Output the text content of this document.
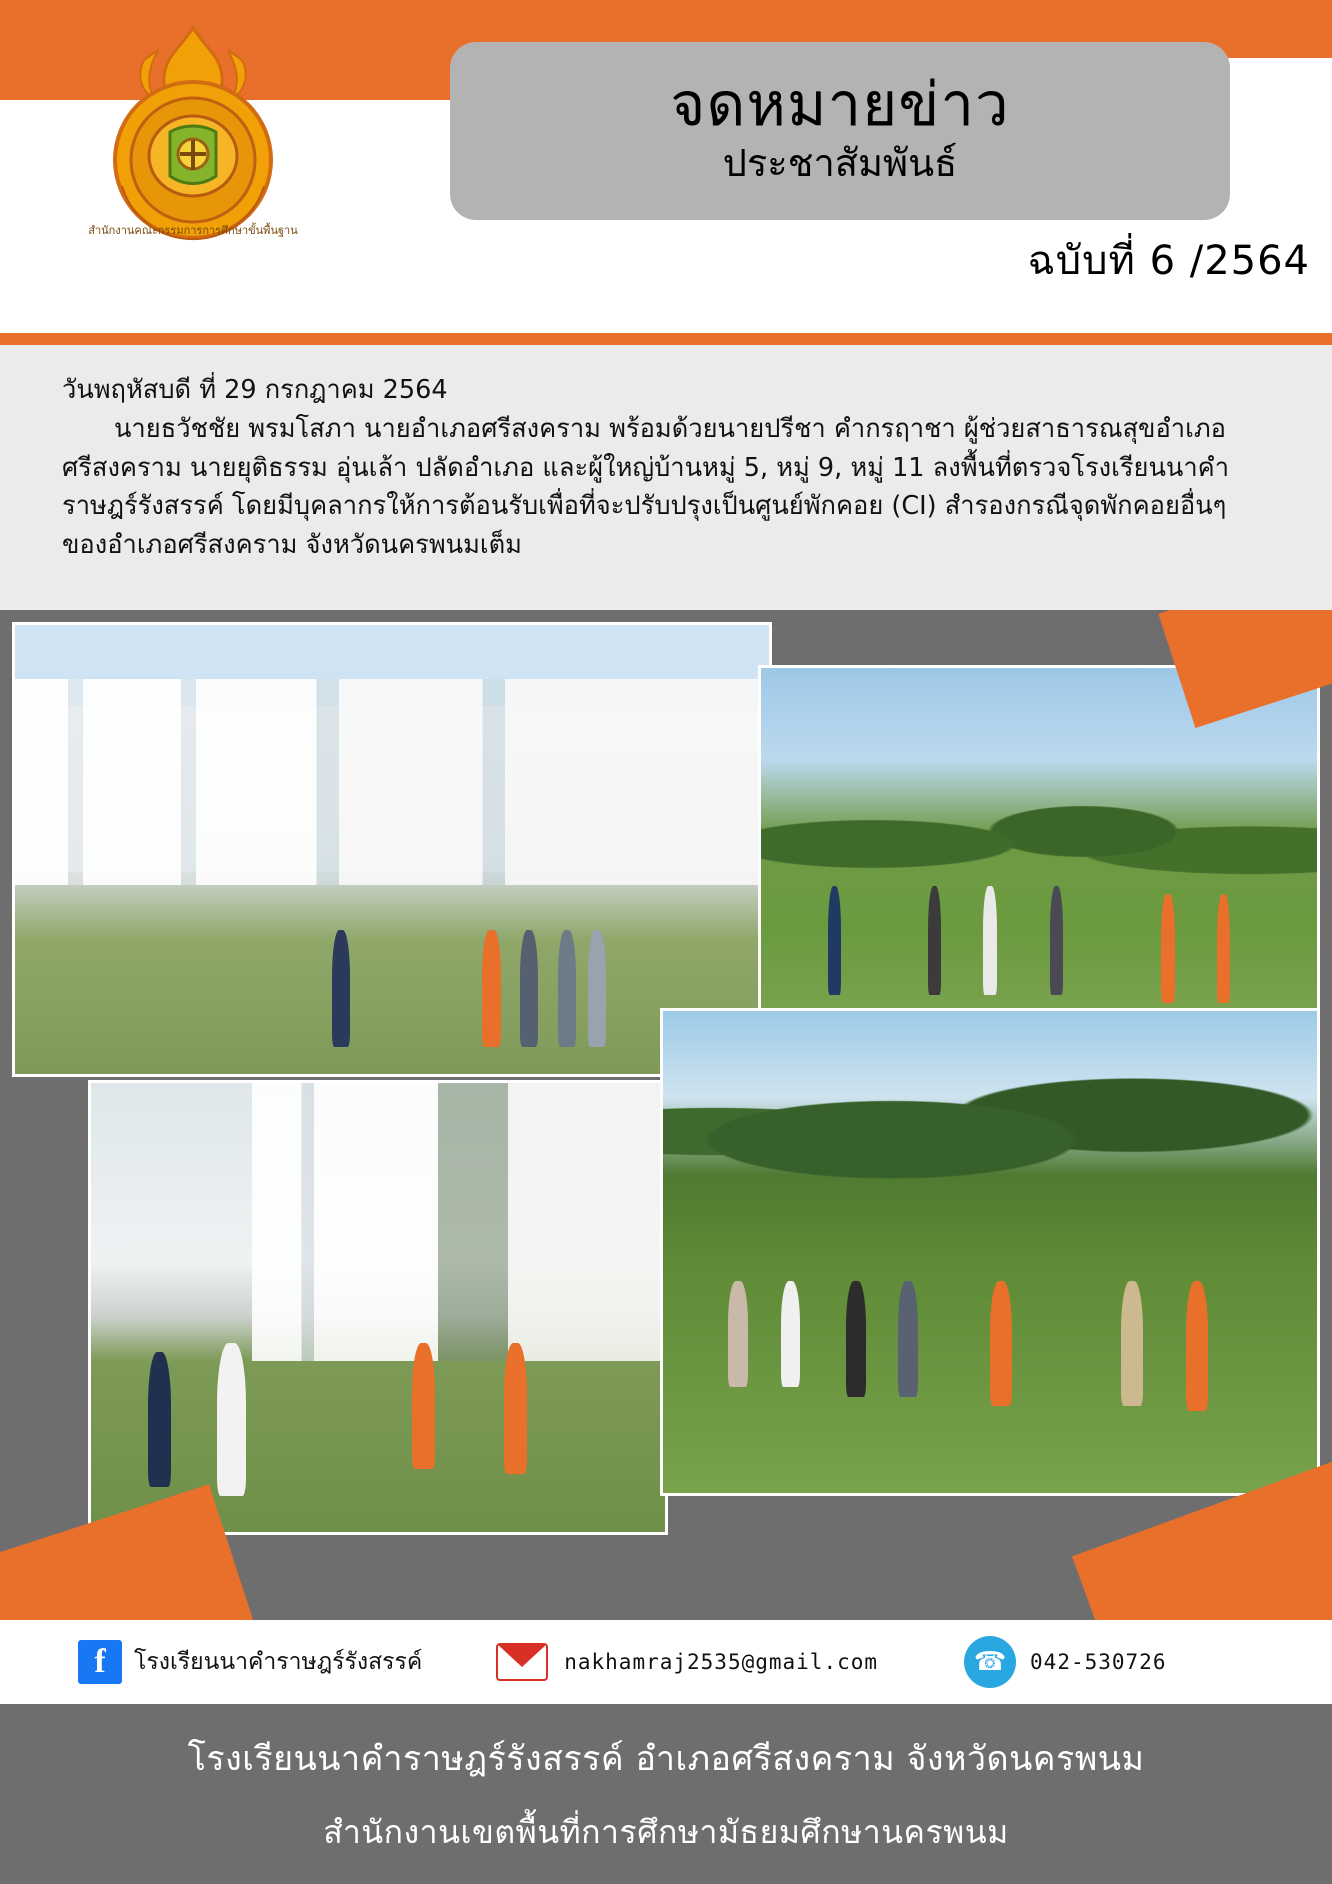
สำนักงานคณะกรรมการการศึกษาขั้นพื้นฐาน
จดหมายข่าว
ประชาสัมพันธ์
ฉบับที่ 6 /2564

วันพฤหัสบดี ที่ 29 กรกฎาคม 2564

นายธวัชชัย พรมโสภา นายอำเภอศรีสงคราม พร้อมด้วยนายปรีชา คำกรฤาชา ผู้ช่วยสาธารณสุขอำเภอศรีสงคราม นายยุติธรรม อุ่นเล้า ปลัดอำเภอ และผู้ใหญ่บ้านหมู่ 5, หมู่ 9, หมู่ 11 ลงพื้นที่ตรวจโรงเรียนนาคำราษฎร์รังสรรค์ โดยมีบุคลากรให้การต้อนรับเพื่อที่จะปรับปรุงเป็นศูนย์พักคอย (CI) สำรองกรณีจุดพักคอยอื่นๆของอำเภอศรีสงคราม จังหวัดนครพนมเต็ม

f	โรงเรียนนาคำราษฎร์รังสรรค์	nakhamraj2535@gmail.com	☎	042-530726
โรงเรียนนาคำราษฎร์รังสรรค์ อำเภอศรีสงคราม จังหวัดนครพนม
สำนักงานเขตพื้นที่การศึกษามัธยมศึกษานครพนม
